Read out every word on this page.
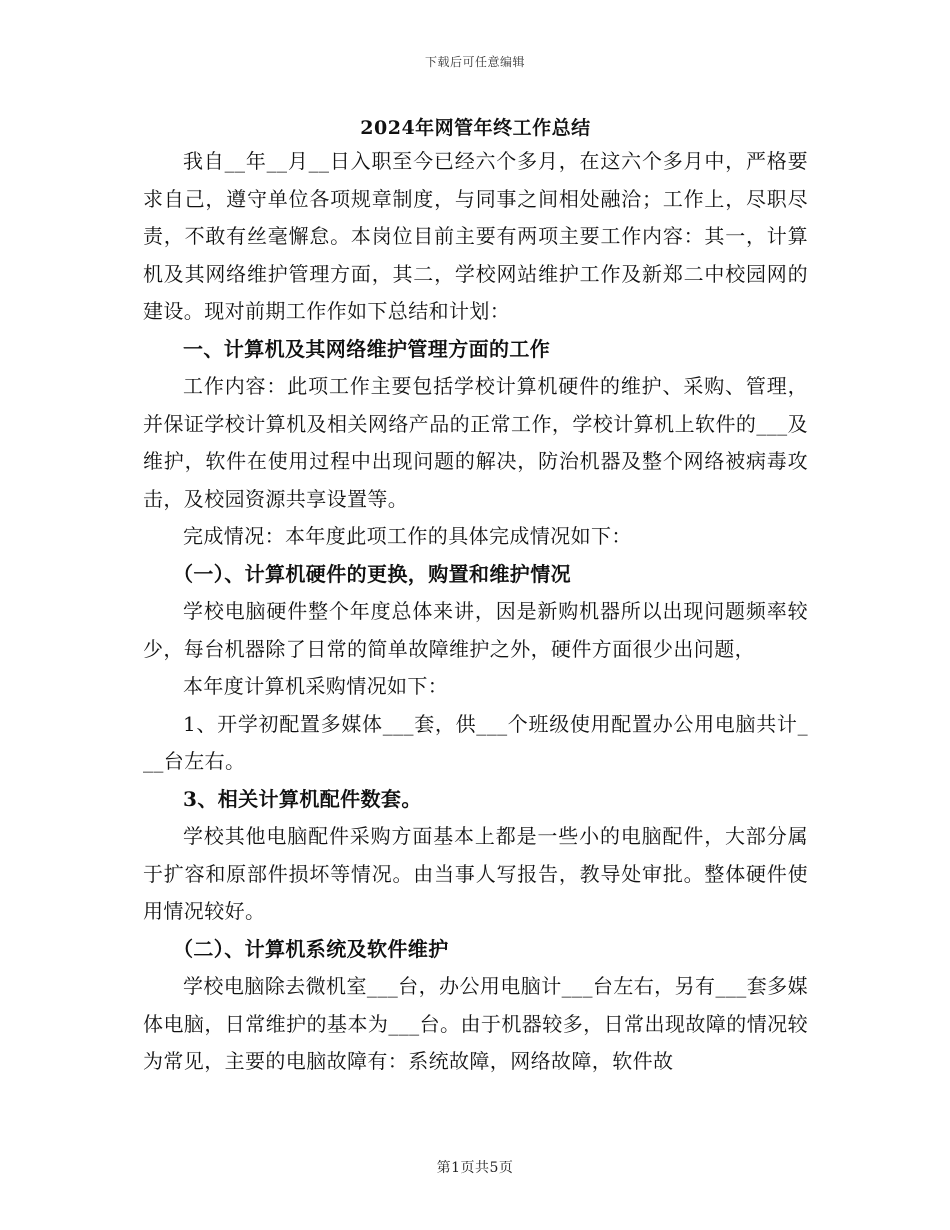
下载后可任意编辑
2024年网管年终工作总结

我自__年__月__日入职至今已经六个多月，在这六个多月中，严格要求自己，遵守单位各项规章制度，与同事之间相处融洽；工作上，尽职尽责，不敢有丝毫懈怠。本岗位目前主要有两项主要工作内容：其一，计算机及其网络维护管理方面，其二，学校网站维护工作及新郑二中校园网的建设。现对前期工作作如下总结和计划：

一、计算机及其网络维护管理方面的工作

工作内容：此项工作主要包括学校计算机硬件的维护、采购、管理，并保证学校计算机及相关网络产品的正常工作，学校计算机上软件的___及维护，软件在使用过程中出现问题的解决，防治机器及整个网络被病毒攻击，及校园资源共享设置等。

完成情况：本年度此项工作的具体完成情况如下：

（一）、计算机硬件的更换，购置和维护情况

学校电脑硬件整个年度总体来讲，因是新购机器所以出现问题频率较少，每台机器除了日常的简单故障维护之外，硬件方面很少出问题，

本年度计算机采购情况如下：

1、开学初配置多媒体___套，供___个班级使用配置办公用电脑共计___台左右。

3、相关计算机配件数套。

学校其他电脑配件采购方面基本上都是一些小的电脑配件，大部分属于扩容和原部件损坏等情况。由当事人写报告，教导处审批。整体硬件使用情况较好。

（二）、计算机系统及软件维护

学校电脑除去微机室___台，办公用电脑计___台左右，另有___套多媒体电脑，日常维护的基本为___台。由于机器较多，日常出现故障的情况较为常见，主要的电脑故障有：系统故障，网络故障，软件故

第1页共5页
